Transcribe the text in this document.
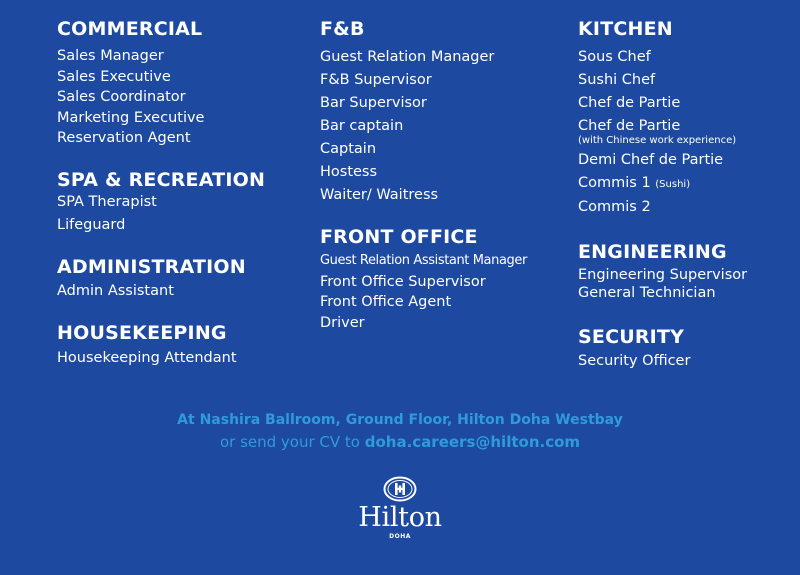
COMMERCIAL
Sales Manager
Sales Executive
Sales Coordinator
Marketing Executive
Reservation Agent
SPA & RECREATION
SPA Therapist
Lifeguard
ADMINISTRATION
Admin Assistant
HOUSEKEEPING
Housekeeping Attendant
F&B
Guest Relation Manager
F&B Supervisor
Bar Supervisor
Bar captain
Captain
Hostess
Waiter/ Waitress
FRONT OFFICE
Guest Relation Assistant Manager
Front Office Supervisor
Front Office Agent
Driver
KITCHEN
Sous Chef
Sushi Chef
Chef de Partie
Chef de Partie
(with Chinese work experience)
Demi Chef de Partie
Commis 1 (Sushi)
Commis 2
ENGINEERING
Engineering Supervisor
General Technician
SECURITY
Security Officer
At Nashira Ballroom, Ground Floor, Hilton Doha Westbay
or send your CV to doha.careers@hilton.com
Hilton
DOHA
